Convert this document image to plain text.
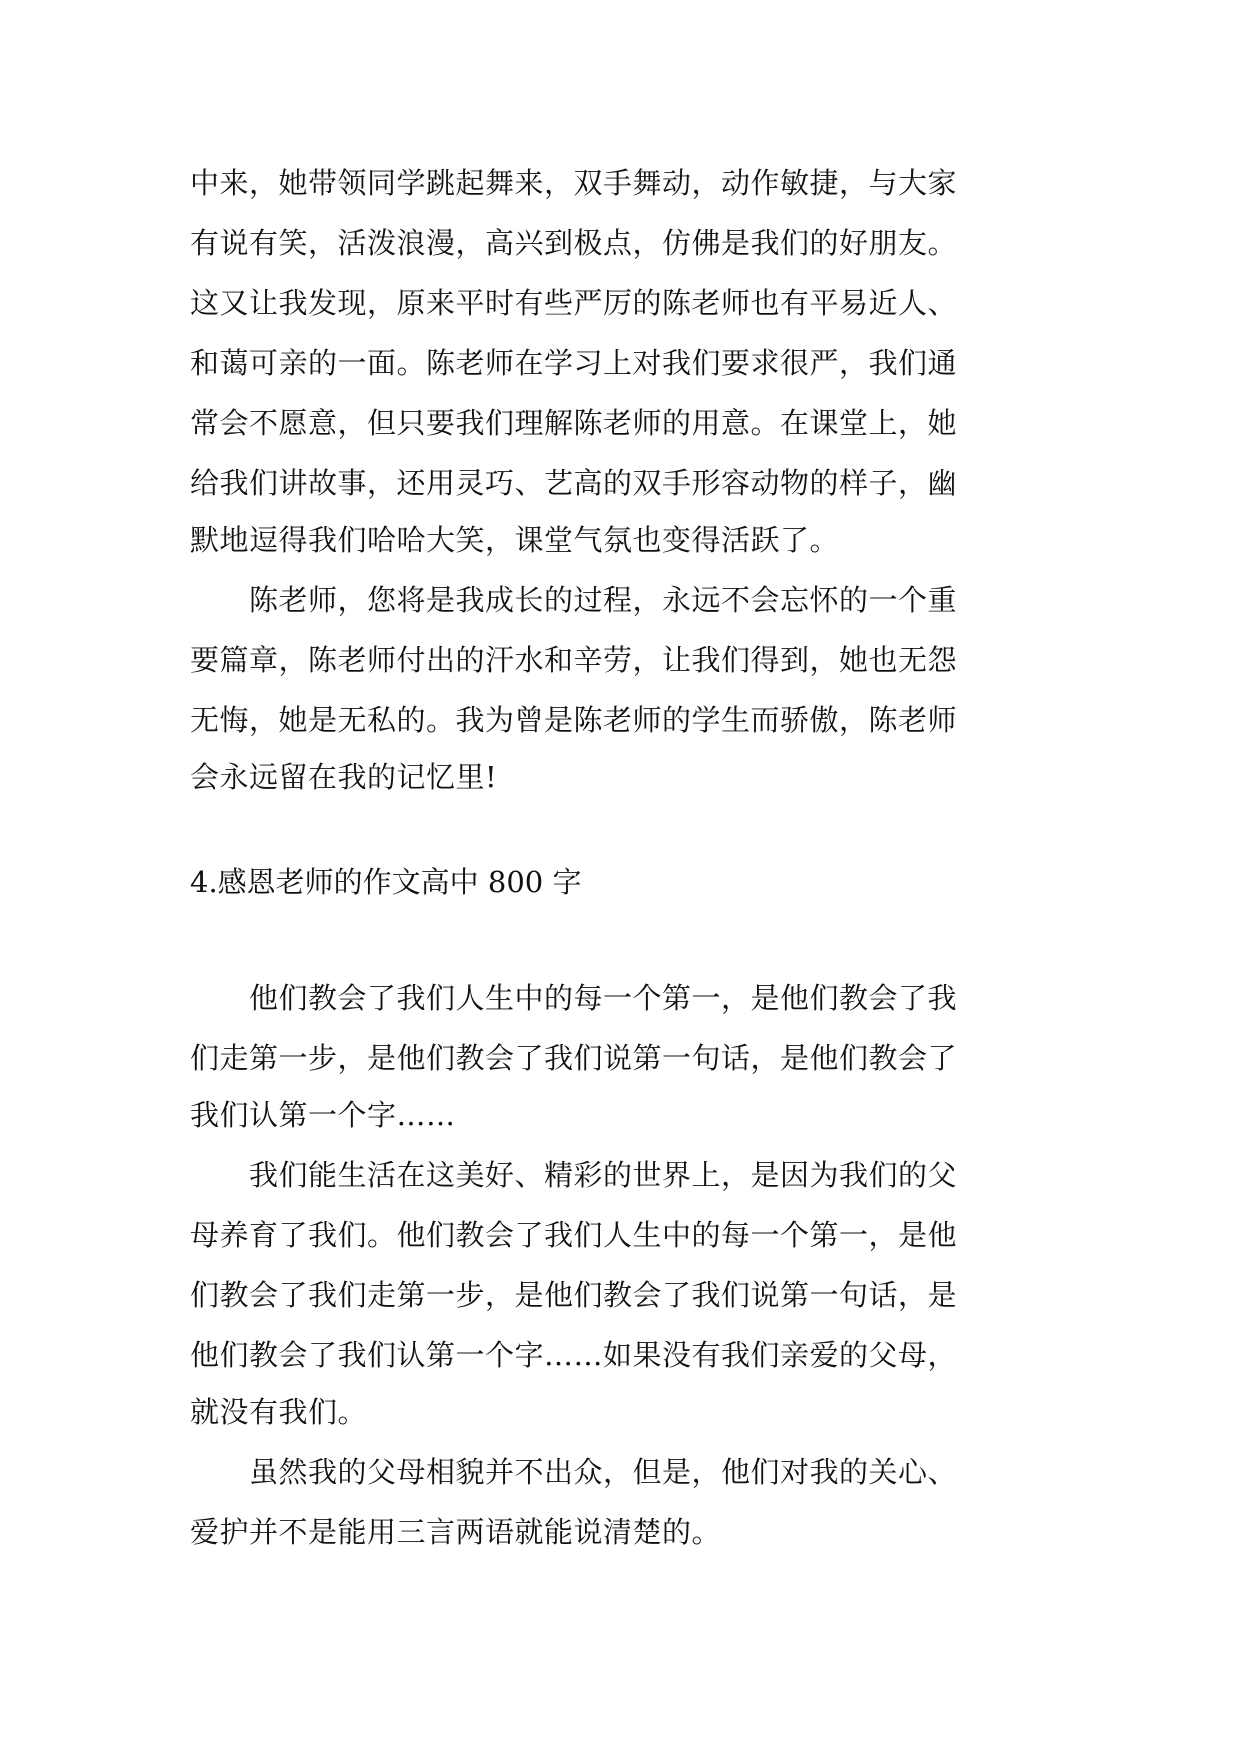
中来，她带领同学跳起舞来，双手舞动，动作敏捷，与大家
有说有笑，活泼浪漫，高兴到极点，仿佛是我们的好朋友。
这又让我发现，原来平时有些严厉的陈老师也有平易近人、
和蔼可亲的一面。陈老师在学习上对我们要求很严，我们通
常会不愿意，但只要我们理解陈老师的用意。在课堂上，她
给我们讲故事，还用灵巧、艺高的双手形容动物的样子，幽
默地逗得我们哈哈大笑，课堂气氛也变得活跃了。
　　陈老师，您将是我成长的过程，永远不会忘怀的一个重
要篇章，陈老师付出的汗水和辛劳，让我们得到，她也无怨
无悔，她是无私的。我为曾是陈老师的学生而骄傲，陈老师
会永远留在我的记忆里!
4.感恩老师的作文高中 800 字
　　他们教会了我们人生中的每一个第一，是他们教会了我
们走第一步，是他们教会了我们说第一句话，是他们教会了
我们认第一个字……
　　我们能生活在这美好、精彩的世界上，是因为我们的父
母养育了我们。他们教会了我们人生中的每一个第一，是他
们教会了我们走第一步，是他们教会了我们说第一句话，是
他们教会了我们认第一个字……如果没有我们亲爱的父母，
就没有我们。
　　虽然我的父母相貌并不出众，但是，他们对我的关心、
爱护并不是能用三言两语就能说清楚的。
